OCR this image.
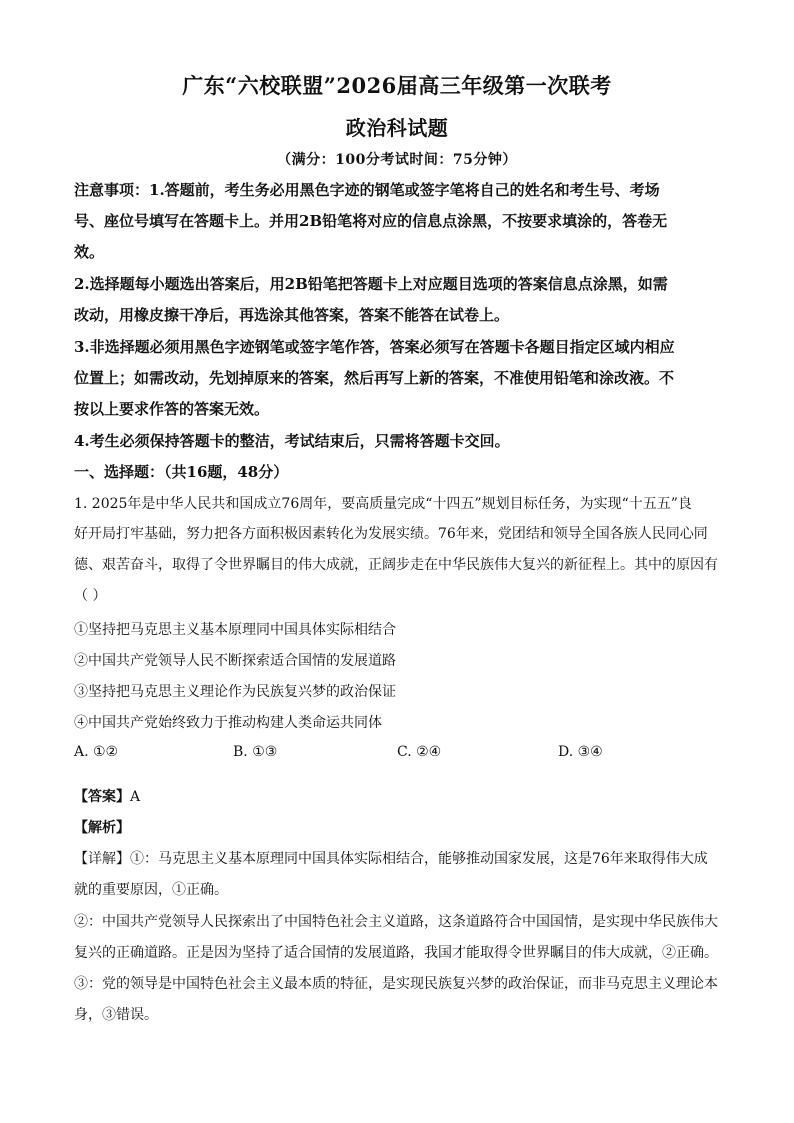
广东“六校联盟”2026届高三年级第一次联考
政治科试题
（满分：100分考试时间：75分钟）
注意事项：1.答题前，考生务必用黑色字迹的钢笔或签字笔将自己的姓名和考生号、考场
号、座位号填写在答题卡上。并用2B铅笔将对应的信息点涂黑，不按要求填涂的，答卷无
效。
2.选择题每小题选出答案后，用2B铅笔把答题卡上对应题目选项的答案信息点涂黑，如需
改动，用橡皮擦干净后，再选涂其他答案，答案不能答在试卷上。
3.非选择题必须用黑色字迹钢笔或签字笔作答，答案必须写在答题卡各题目指定区域内相应
位置上；如需改动，先划掉原来的答案，然后再写上新的答案，不准使用铅笔和涂改液。不
按以上要求作答的答案无效。
4.考生必须保持答题卡的整洁，考试结束后，只需将答题卡交回。
一、选择题：（共16题，48分）
1. 2025年是中华人民共和国成立76周年，要高质量完成“十四五”规划目标任务，为实现“十五五”良
好开局打牢基础，努力把各方面积极因素转化为发展实绩。76年来，党团结和领导全国各族人民同心同
德、艰苦奋斗，取得了令世界瞩目的伟大成就，正阔步走在中华民族伟大复兴的新征程上。其中的原因有
（ ）
①坚持把马克思主义基本原理同中国具体实际相结合
②中国共产党领导人民不断探索适合国情的发展道路
③坚持把马克思主义理论作为民族复兴梦的政治保证
④中国共产党始终致力于推动构建人类命运共同体
A. ①②	B. ①③	C. ②④	D. ③④
【答案】A
【解析】
【详解】①：马克思主义基本原理同中国具体实际相结合，能够推动国家发展，这是76年来取得伟大成
就的重要原因，①正确。
②：中国共产党领导人民探索出了中国特色社会主义道路，这条道路符合中国国情，是实现中华民族伟大
复兴的正确道路。正是因为坚持了适合国情的发展道路，我国才能取得令世界瞩目的伟大成就，②正确。
③：党的领导是中国特色社会主义最本质的特征，是实现民族复兴梦的政治保证，而非马克思主义理论本
身，③错误。
